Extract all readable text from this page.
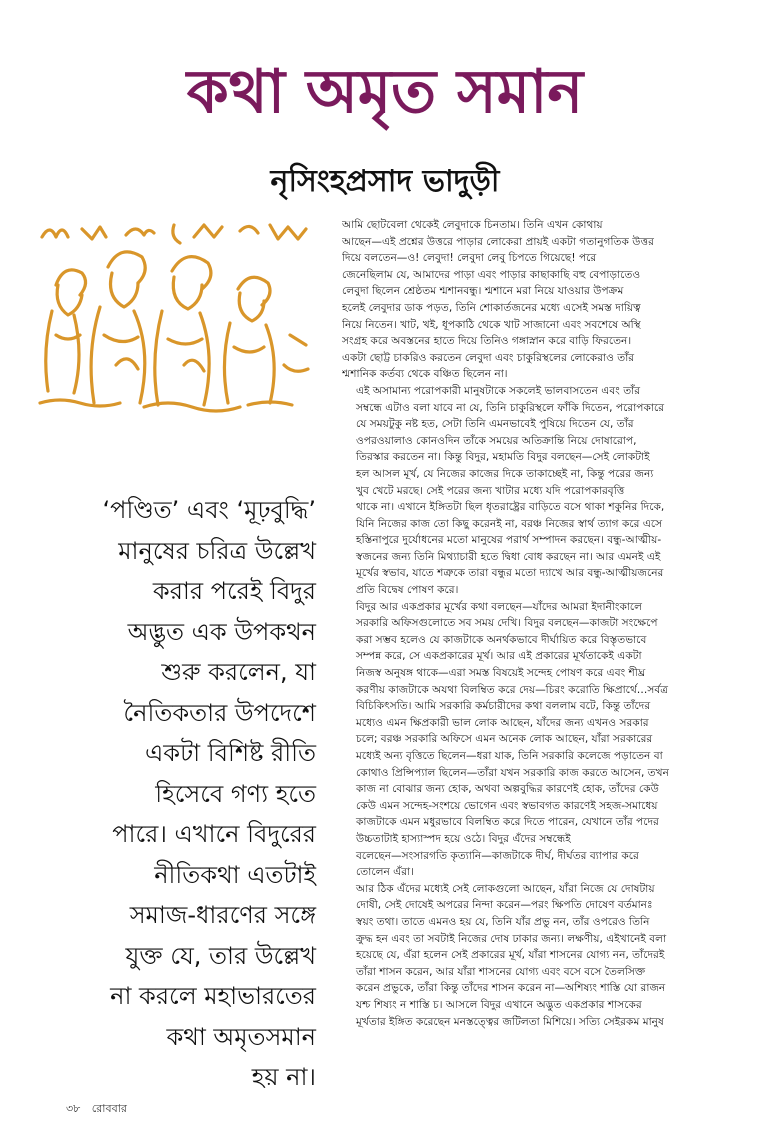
কথা অমৃত সমান
নৃসিংহপ্রসাদ ভাদুড়ী
‘পণ্ডিত’ এবং ‘মূঢ়বুদ্ধি’
মানুষের চরিত্র উল্লেখ
করার পরেই বিদুর
অদ্ভুত এক উপকথন
শুরু করলেন, যা
নৈতিকতার উপদেশে
একটা বিশিষ্ট রীতি
হিসেবে গণ্য হতে
পারে। এখানে বিদুরের
নীতিকথা এতটাই
সমাজ-ধারণের সঙ্গে
যুক্ত যে, তার উল্লেখ
না করলে মহাভারতের
কথা অমৃতসমান
হয় না।

আমি ছোটবেলা থেকেই লেবুদাকে চিনতাম। তিনি এখন কোথায়
আছেন—এই প্রশ্নের উত্তরে পাড়ার লোকেরা প্রায়ই একটা গতানুগতিক উত্তর
দিয়ে বলতেন—ও! লেবুদা! লেবুদা লেবু চিপতে গিয়েছে! পরে
জেনেছিলাম যে, আমাদের পাড়া এবং পাড়ার কাছাকাছি বহু বেপাড়াতেও
লেবুদা ছিলেন শ্রেষ্ঠতম শ্মশানবন্ধু। শ্মশানে মরা নিয়ে যাওয়ার উপক্রম
হলেই লেবুদার ডাক পড়ত, তিনি শোকার্তজনের মধ্যে এসেই সমস্ত দায়িত্ব
নিয়ে নিতেন। খাট, খই, ধূপকাঠি থেকে খাট সাজানো এবং সবশেষে অস্থি
সংগ্রহ করে অবস্তনের হাতে দিয়ে তিনিও গঙ্গাস্নান করে বাড়ি ফিরতেন।
একটা ছোট্ট চাকরিও করতেন লেবুদা এবং চাকুরিস্থলের লোকেরাও তাঁর
শ্মশানিক কর্তব্য থেকে বঞ্চিত ছিলেন না।

এই অসামান্য পরোপকারী মানুষটাকে সকলেই ভালবাসতেন এবং তাঁর
সম্বন্ধে এটাও বলা যাবে না যে, তিনি চাকুরিস্থলে ফাঁকি দিতেন, পরোপকারে
যে সময়টুকু নষ্ট হত, সেটা তিনি এমনভাবেই পুষিয়ে দিতেন যে, তাঁর
ওপরওয়ালাও কোনওদিন তাঁকে সময়ের অতিক্রান্তি নিয়ে দোষারোপ,
তিরস্কার করতেন না। কিন্তু বিদুর, মহামতি বিদুর বলছেন—সেই লোকটাই
হল আসল মূর্খ, যে নিজের কাজের দিকে তাকাচ্ছেই না, কিন্তু পরের জন্য
খুব খেটে মরছে। সেই পরের জন্য খাটার মধ্যে যদি পরোপকারবৃত্তি
থাকে না। এখানে ইঙ্গিতটা ছিল ধৃতরাষ্ট্রের বাড়িতে বসে থাকা শকুনির দিকে,
যিনি নিজের কাজ তো কিছু করেনই না, বরঞ্চ নিজের স্বার্থ ত্যাগ করে এসে
হস্তিনাপুরে দুর্যোধনের মতো মানুষের পরার্থ সম্পাদন করছেন। বন্ধু-আত্মীয়-
স্বজনের জন্য তিনি মিথ্যাচারী হতে দ্বিধা বোধ করছেন না। আর এমনই এই
মূর্খের স্বভাব, যাতে শত্রুকে তারা বন্ধুর মতো দ্যাখে আর বন্ধু-আত্মীয়জনের
প্রতি বিদ্বেষ পোষণ করে।

বিদুর আর একপ্রকার মূর্খের কথা বলছেন—যাঁদের আমরা ইদানীংকালে
সরকারি অফিসগুলোতে সব সময় দেখি। বিদুর বলছেন—কাজটা সংক্ষেপে
করা সম্ভব হলেও যে কাজটাকে অনর্থকভাবে দীর্ঘায়িত করে বিস্তৃতভাবে
সম্পন্ন করে, সে একপ্রকারের মূর্খ। আর এই প্রকারের মূর্খতাকেই একটা
নিজস্ব অনুষঙ্গ থাকে—এরা সমস্ত বিষয়েই সন্দেহ পোষণ করে এবং শীঘ্র
করণীয় কাজটাকে অযথা বিলম্বিত করে দেয়—চিরং করোতি ক্ষিপ্রার্থে…সর্বত্র
বিচিকিৎসতি। আমি সরকারি কর্মচারীদের কথা বললাম বটে, কিন্তু তাঁদের
মধ্যেও এমন ক্ষিপ্রকারী ভাল লোক আছেন, যাঁদের জন্য এখনও সরকার
চলে; বরঞ্চ সরকারি অফিসে এমন অনেক লোক আছেন, যাঁরা সরকারের
মধ্যেই অন্য বৃত্তিতে ছিলেন—ধরা যাক, তিনি সরকারি কলেজে পড়াতেন বা
কোথাও প্রিন্সিপ্যাল ছিলেন—তাঁরা যখন সরকারি কাজ করতে আসেন, তখন
কাজ না বোঝার জন্য হোক, অথবা অল্পবুদ্ধির কারণেই হোক, তাঁদের কেউ
কেউ এমন সন্দেহ-সংশয়ে ভোগেন এবং স্বভাবগত কারণেই সহজ-সমাধেয়
কাজটাকে এমন মধুরভাবে বিলম্বিত করে দিতে পারেন, যেখানে তাঁর পদের
উচ্চতাটাই হাস্যাস্পদ হয়ে ওঠে। বিদুর এঁদের সম্বন্ধেই
বলেছেন—সংসারগতি কৃত্যানি—কাজটাকে দীর্ঘ, দীর্ঘতর ব্যাপার করে
তোলেন এঁরা।

আর ঠিক এঁদের মধ্যেই সেই লোকগুলো আছেন, যাঁরা নিজে যে দোষটায়
দোষী, সেই দোষেই অপরের নিন্দা করেন—পরং ক্ষিপতি দোষেণ বর্তমানঃ
স্বয়ং তথা। তাতে এমনও হয় যে, তিনি যাঁর প্রভু নন, তাঁর ওপরেও তিনি
ক্রুদ্ধ হন এবং তা সবটাই নিজের দোষ ঢাকার জন্য। লক্ষণীয়, এইখানেই বলা
হয়েছে যে, এঁরা হলেন সেই প্রকারের মূর্খ, যাঁরা শাসনের যোগ্য নন, তাঁদেরই
তাঁরা শাসন করেন, আর যাঁরা শাসনের যোগ্য এবং বসে বসে তৈলসিক্ত
করেন প্রভুকে, তাঁরা কিন্তু তাঁদের শাসন করেন না—অশিষ্যং শাস্তি যো রাজন
যশ্চ শিষ্যং ন শাস্তি চ। আসলে বিদুর এখানে অদ্ভুত একপ্রকার শাসকের
মূর্খতার ইঙ্গিত করেছেন মনস্তত্ত্বের জটিলতা মিশিয়ে। সত্যি সেইরকম মানুষ

৩৮ রোববার
